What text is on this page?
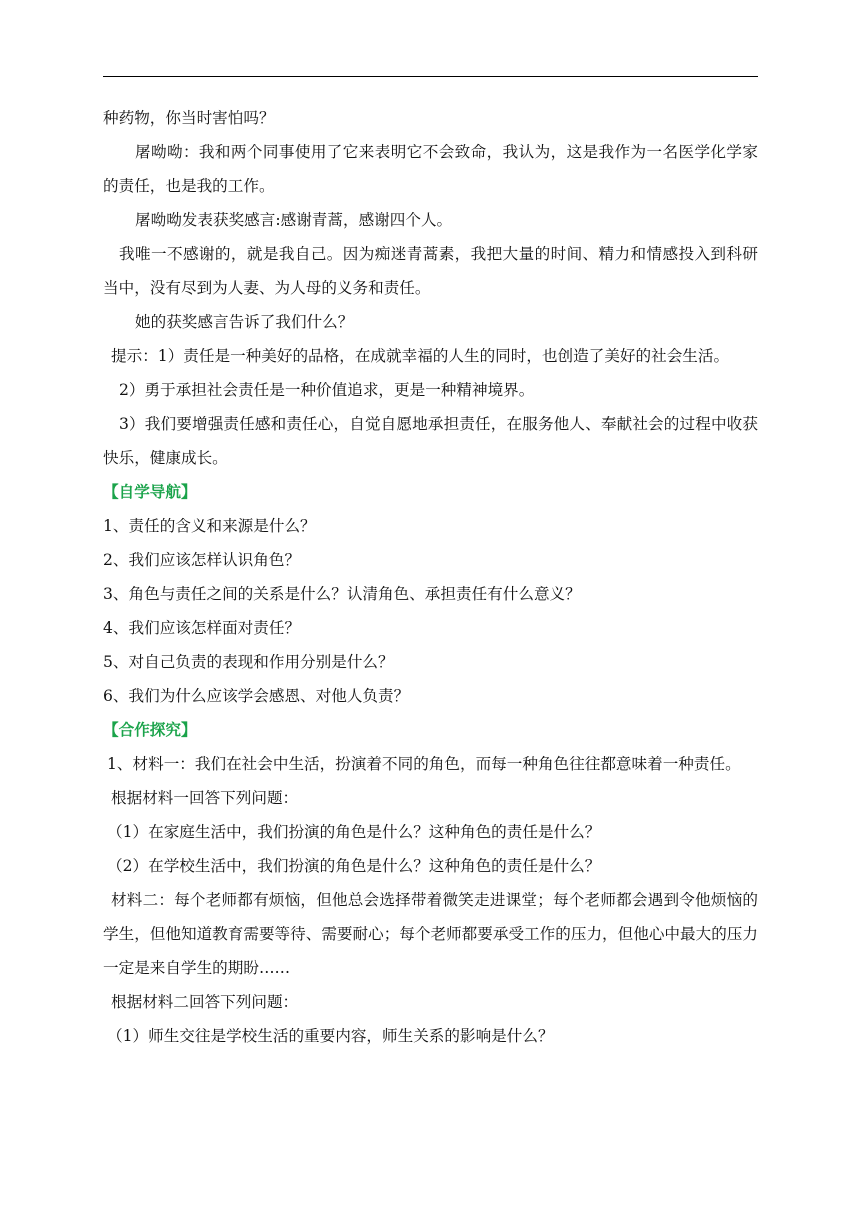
种药物，你当时害怕吗？

屠呦呦：我和两个同事使用了它来表明它不会致命，我认为，这是我作为一名医学化学家的责任，也是我的工作。

屠呦呦发表获奖感言:感谢青蒿，感谢四个人。

我唯一不感谢的，就是我自己。因为痴迷青蒿素，我把大量的时间、精力和情感投入到科研当中，没有尽到为人妻、为人母的义务和责任。

她的获奖感言告诉了我们什么？

提示：1）责任是一种美好的品格，在成就幸福的人生的同时，也创造了美好的社会生活。

2）勇于承担社会责任是一种价值追求，更是一种精神境界。

3）我们要增强责任感和责任心，自觉自愿地承担责任，在服务他人、奉献社会的过程中收获快乐，健康成长。

【自学导航】

1、责任的含义和来源是什么？

2、我们应该怎样认识角色？

3、角色与责任之间的关系是什么？认清角色、承担责任有什么意义？

4、我们应该怎样面对责任？

5、对自己负责的表现和作用分别是什么？

6、我们为什么应该学会感恩、对他人负责？

【合作探究】

1、材料一：我们在社会中生活，扮演着不同的角色，而每一种角色往往都意味着一种责任。

根据材料一回答下列问题：

（1）在家庭生活中，我们扮演的角色是什么？这种角色的责任是什么？

（2）在学校生活中，我们扮演的角色是什么？这种角色的责任是什么？

材料二：每个老师都有烦恼，但他总会选择带着微笑走进课堂；每个老师都会遇到令他烦恼的学生，但他知道教育需要等待、需要耐心；每个老师都要承受工作的压力，但他心中最大的压力一定是来自学生的期盼……

根据材料二回答下列问题：

（1）师生交往是学校生活的重要内容，师生关系的影响是什么？
